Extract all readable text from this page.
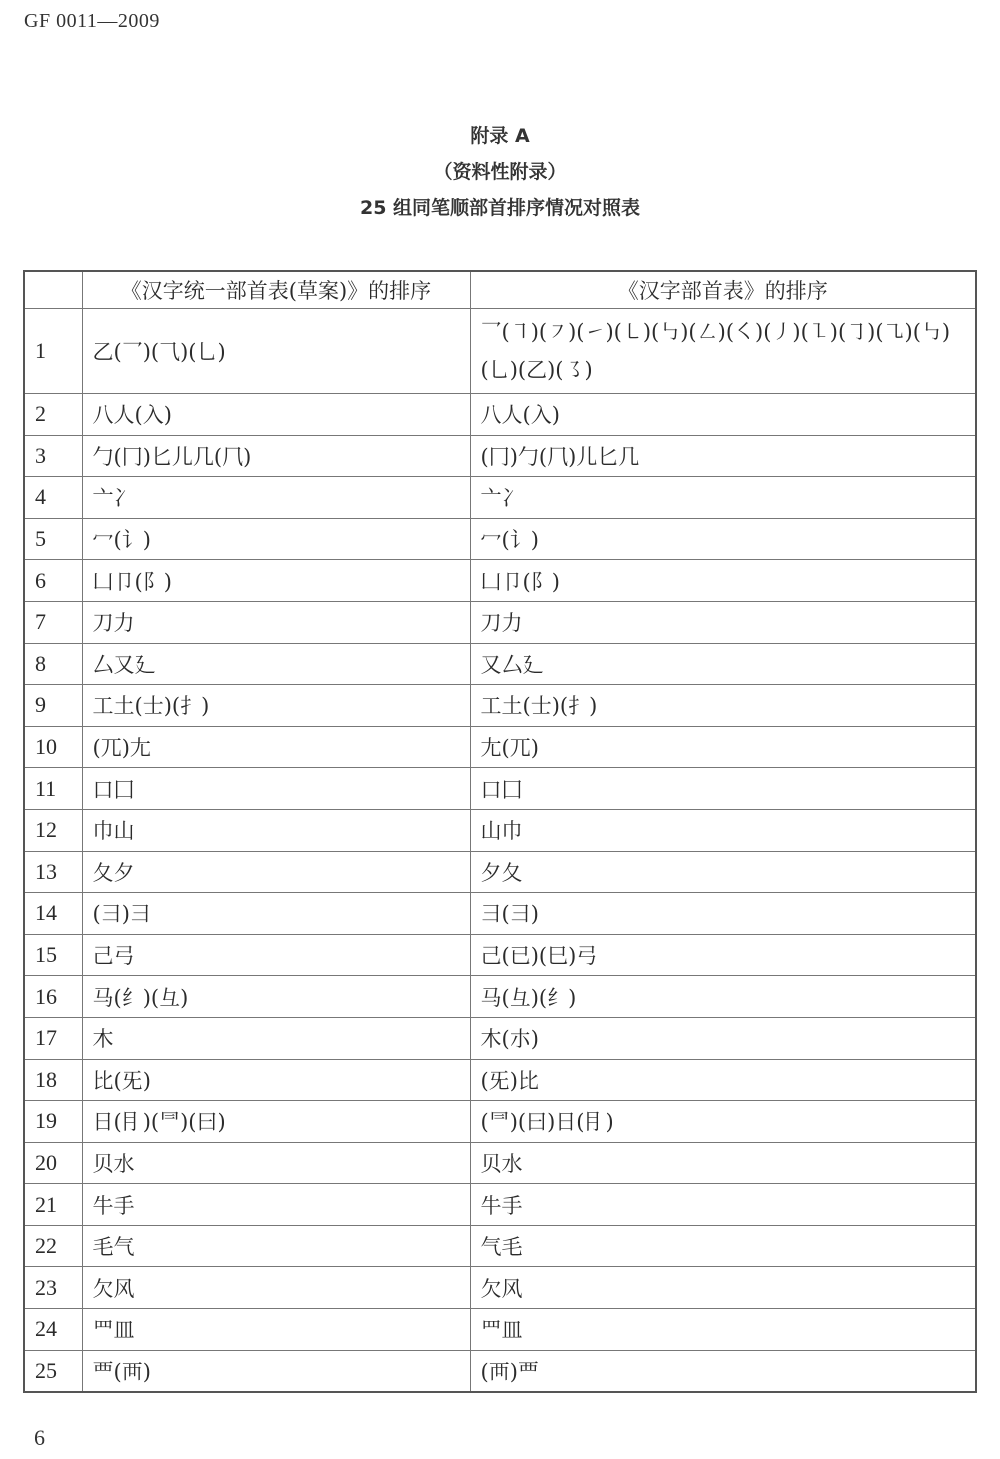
GF 0011—2009
附录 A
（资料性附录）
25 组同笔顺部首排序情况对照表
	《汉字统一部首表(草案)》的排序	《汉字部首表》的排序
1	乙(乛)(⺄)(乚)	乛(㇕)(㇇)(㇀)(㇄)(㇉)(㇜)(㇛)(㇓)(㇅)(㇆)(㇈)(㇉)(乚)(乙)(㇌)
2	八人(入)	八人(入)
3	勹(冂)匕儿几(⺇)	(冂)勹(⺇)儿匕几
4	亠冫	亠冫
5	冖(讠)	冖(讠)
6	凵卩(阝)	凵卩(阝)
7	刀力	刀力
8	厶又廴	又厶廴
9	工土(士)(扌)	工土(士)(扌)
10	(兀)尢	尢(兀)
11	口囗	口囗
12	巾山	山巾
13	夂夕	夕夂
14	(⺕)彐	彐(⺕)
15	己弓	己(已)(巳)弓
16	马(纟)(彑)	马(彑)(纟)
17	木	木(朩)
18	比(旡)	(旡)比
19	日(⺝)(⺜)(曰)	(⺜)(曰)日(⺝)
20	贝水	贝水
21	牛手	牛手
22	毛气	气毛
23	欠风	欠风
24	罒皿	罒皿
25	覀(襾)	(襾)覀
6
